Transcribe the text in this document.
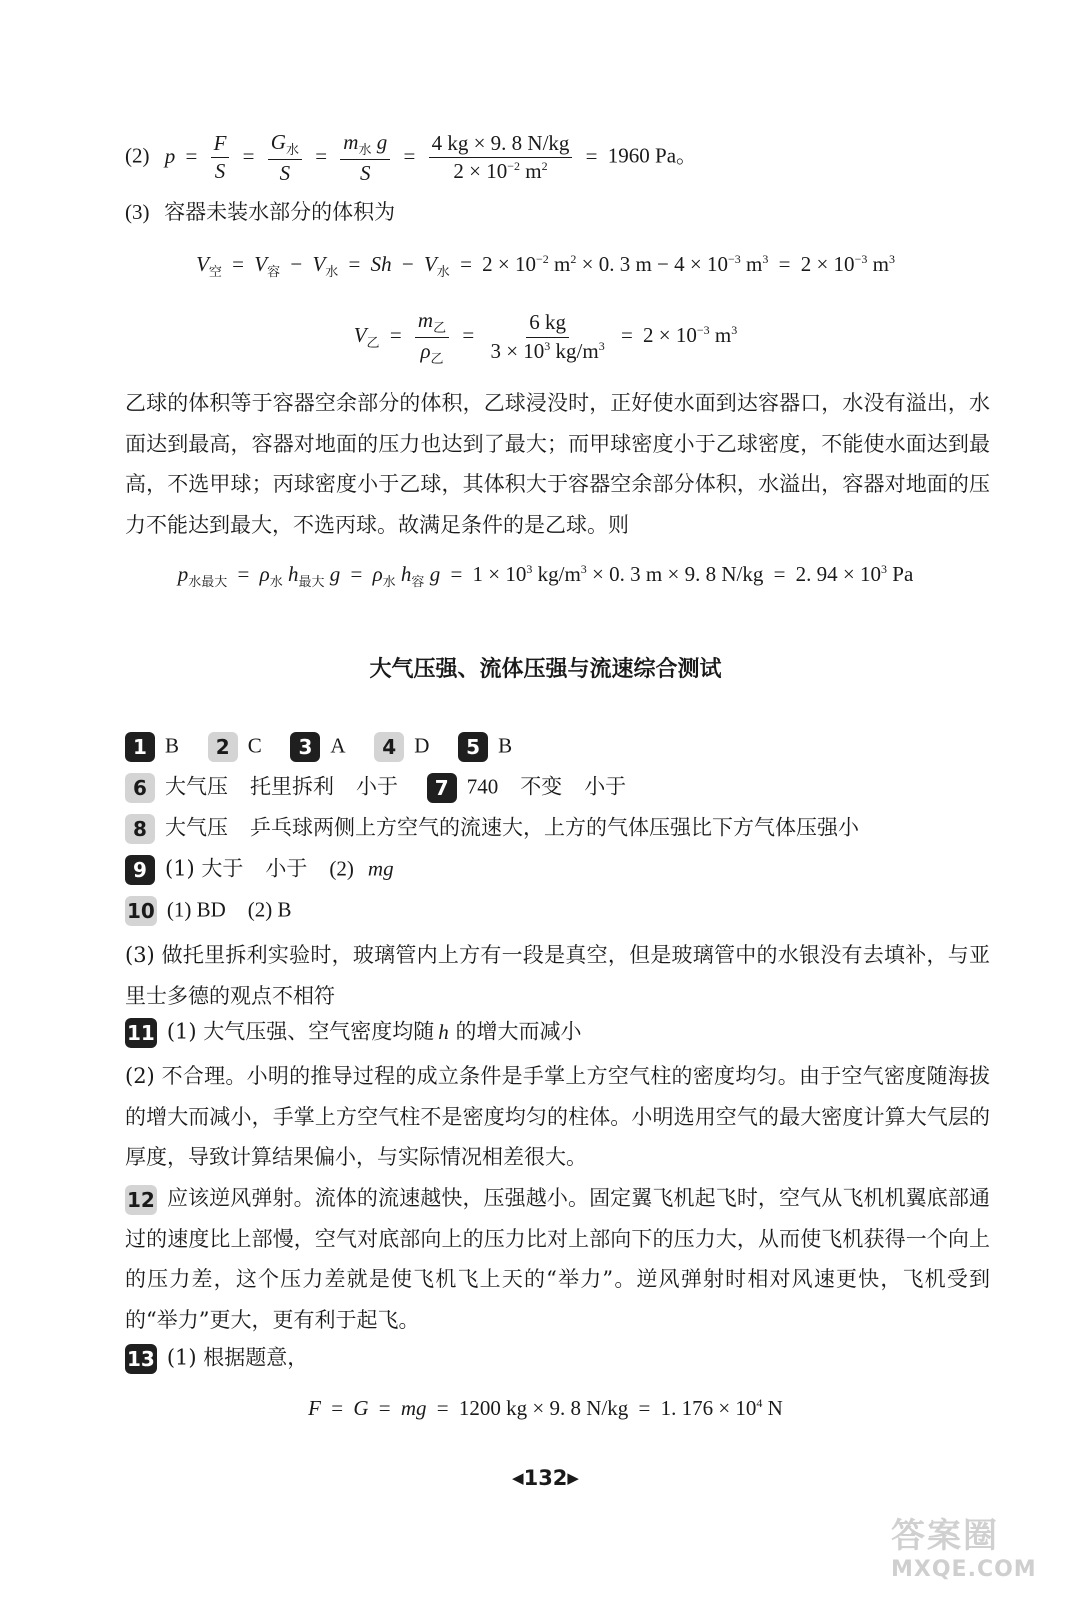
(2) $p = \frac{F}{S} = \frac{G_水}{S} = \frac{m_水 g}{S} = \frac{4 kg \times 9. 8 N/kg}{2 \times 10^{-2} m^2} = 1960$ Pa。
(3) 容器未装水部分的体积为
$V_空 = V_容 - V_水 = Sh - V_水 = 2 \times 10^{-2}$ $m^2 \times 0$. 3 $m - 4 \times 10^{-3}$ $m^3 = 2 \times 10^{-3}$ $m^3$
$V_乙 = \frac{m_乙}{\rho_乙} = \frac{6 kg}{3 \times 10^3 kg/m^3} = 2 \times 10^{-3}$ $m^3$
乙球的体积等于容器空余部分的体积，乙球浸没时，正好使水面到达容器口，水没有溢出，水面达到最高，容器对地面的压力也达到了最大；而甲球密度小于乙球密度，不能使水面达到最高，不选甲球；丙球密度小于乙球，其体积大于容器空余部分体积，水溢出，容器对地面的压力不能达到最大，不选丙球。故满足条件的是乙球。则
$p_{水最大} = \rho_水$ $h_{最大}$ $g = \rho_水$ $h_容$ $g = 1 \times 10^3$ $kg/m^3 \times 0$. 3 m × 9. 8 N/kg = 2. $94 \times 10^3$ Pa
大气压强、流体压强与流速综合测试
1 B 2 C 3 A 4 D 5 B
6 大气压 托里拆利 小于 7 740 不变 小于
8 大气压 乒乓球两侧上方空气的流速大，上方的气体压强比下方气体压强小
9 (1) 大于 小于 (2) mg
10 (1) BD (2) B
(3) 做托里拆利实验时，玻璃管内上方有一段是真空，但是玻璃管中的水银没有去填补，与亚里士多德的观点不相符
11 (1) 大气压强、空气密度均随 h 的增大而减小
(2) 不合理。小明的推导过程的成立条件是手掌上方空气柱的密度均匀。由于空气密度随海拔的增大而减小，手掌上方空气柱不是密度均匀的柱体。小明选用空气的最大密度计算大气层的厚度，导致计算结果偏小，与实际情况相差很大。
12 应该逆风弹射。流体的流速越快，压强越小。固定翼飞机起飞时，空气从飞机机翼底部通过的速度比上部慢，空气对底部向上的压力比对上部向下的压力大，从而使飞机获得一个向上的压力差，这个压力差就是使飞机飞上天的“举力”。逆风弹射时相对风速更快，飞机受到的“举力”更大，更有利于起飞。
13 (1) 根据题意，
F = G = mg = 1200 kg × 9. 8 N/kg = 1. $176 \times 10^4$ N
◀132▶
答案圈
MXQE.COM
